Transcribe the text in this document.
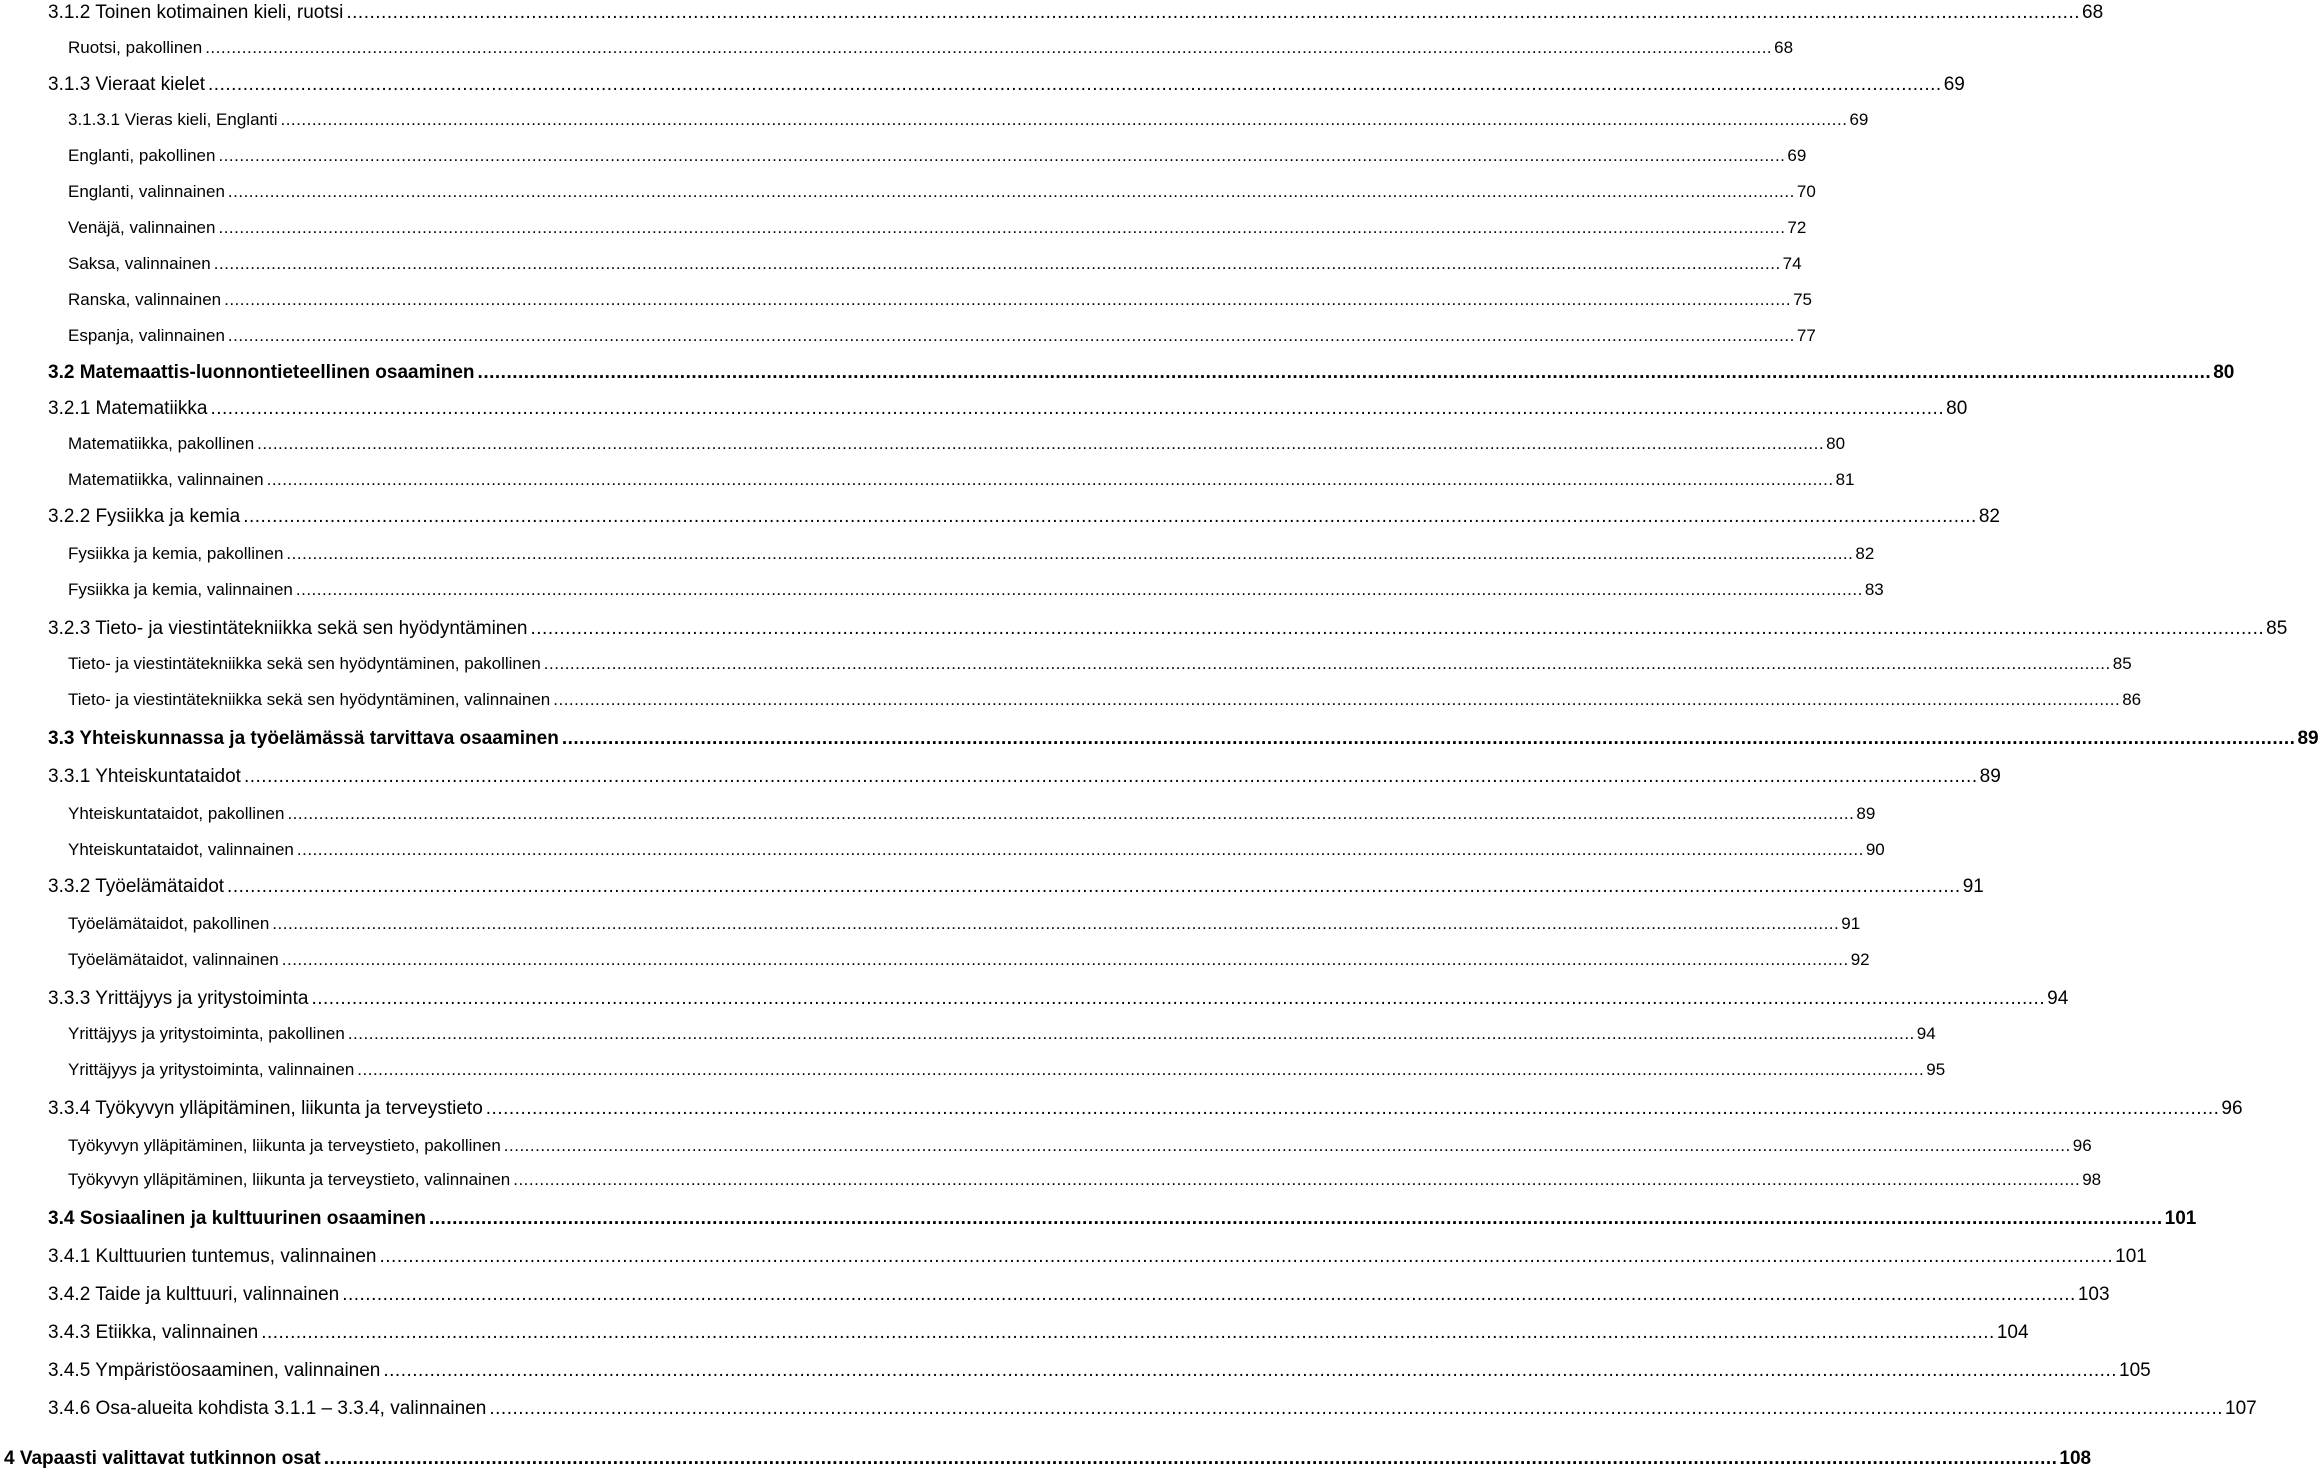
3.1.2 Toinen kotimainen kieli, ruotsi ............................................................................................................................................................................................................................................................................................................ 68
Ruotsi, pakollinen ............................................................................................................................................................................................................................................................................................................ 68
3.1.3 Vieraat kielet ............................................................................................................................................................................................................................................................................................................ 69
3.1.3.1 Vieras kieli, Englanti ............................................................................................................................................................................................................................................................................................................ 69
Englanti, pakollinen ............................................................................................................................................................................................................................................................................................................ 69
Englanti, valinnainen ............................................................................................................................................................................................................................................................................................................ 70
Venäjä, valinnainen ............................................................................................................................................................................................................................................................................................................ 72
Saksa, valinnainen ............................................................................................................................................................................................................................................................................................................ 74
Ranska, valinnainen ............................................................................................................................................................................................................................................................................................................ 75
Espanja, valinnainen ............................................................................................................................................................................................................................................................................................................ 77
3.2 Matemaattis-luonnontieteellinen osaaminen ............................................................................................................................................................................................................................................................................................................ 80
3.2.1 Matematiikka ............................................................................................................................................................................................................................................................................................................ 80
Matematiikka, pakollinen ............................................................................................................................................................................................................................................................................................................ 80
Matematiikka, valinnainen ............................................................................................................................................................................................................................................................................................................ 81
3.2.2 Fysiikka ja kemia ............................................................................................................................................................................................................................................................................................................ 82
Fysiikka ja kemia, pakollinen ............................................................................................................................................................................................................................................................................................................ 82
Fysiikka ja kemia, valinnainen ............................................................................................................................................................................................................................................................................................................ 83
3.2.3 Tieto- ja viestintätekniikka sekä sen hyödyntäminen ............................................................................................................................................................................................................................................................................................................ 85
Tieto- ja viestintätekniikka sekä sen hyödyntäminen, pakollinen ............................................................................................................................................................................................................................................................................................................ 85
Tieto- ja viestintätekniikka sekä sen hyödyntäminen, valinnainen ............................................................................................................................................................................................................................................................................................................ 86
3.3 Yhteiskunnassa ja työelämässä tarvittava osaaminen ............................................................................................................................................................................................................................................................................................................ 89
3.3.1 Yhteiskuntataidot ............................................................................................................................................................................................................................................................................................................ 89
Yhteiskuntataidot, pakollinen ............................................................................................................................................................................................................................................................................................................ 89
Yhteiskuntataidot, valinnainen ............................................................................................................................................................................................................................................................................................................ 90
3.3.2 Työelämätaidot ............................................................................................................................................................................................................................................................................................................ 91
Työelämätaidot, pakollinen ............................................................................................................................................................................................................................................................................................................ 91
Työelämätaidot, valinnainen ............................................................................................................................................................................................................................................................................................................ 92
3.3.3 Yrittäjyys ja yritystoiminta ............................................................................................................................................................................................................................................................................................................ 94
Yrittäjyys ja yritystoiminta, pakollinen ............................................................................................................................................................................................................................................................................................................ 94
Yrittäjyys ja yritystoiminta, valinnainen ............................................................................................................................................................................................................................................................................................................ 95
3.3.4 Työkyvyn ylläpitäminen, liikunta ja terveystieto ............................................................................................................................................................................................................................................................................................................ 96
Työkyvyn ylläpitäminen, liikunta ja terveystieto, pakollinen ............................................................................................................................................................................................................................................................................................................ 96
Työkyvyn ylläpitäminen, liikunta ja terveystieto, valinnainen ............................................................................................................................................................................................................................................................................................................ 98
3.4 Sosiaalinen ja kulttuurinen osaaminen ............................................................................................................................................................................................................................................................................................................ 101
3.4.1 Kulttuurien tuntemus, valinnainen ............................................................................................................................................................................................................................................................................................................ 101
3.4.2 Taide ja kulttuuri, valinnainen ............................................................................................................................................................................................................................................................................................................ 103
3.4.3 Etiikka, valinnainen ............................................................................................................................................................................................................................................................................................................ 104
3.4.5 Ympäristöosaaminen, valinnainen ............................................................................................................................................................................................................................................................................................................ 105
3.4.6 Osa-alueita kohdista 3.1.1 – 3.3.4, valinnainen ............................................................................................................................................................................................................................................................................................................ 107
4 Vapaasti valittavat tutkinnon osat ............................................................................................................................................................................................................................................................................................................ 108
